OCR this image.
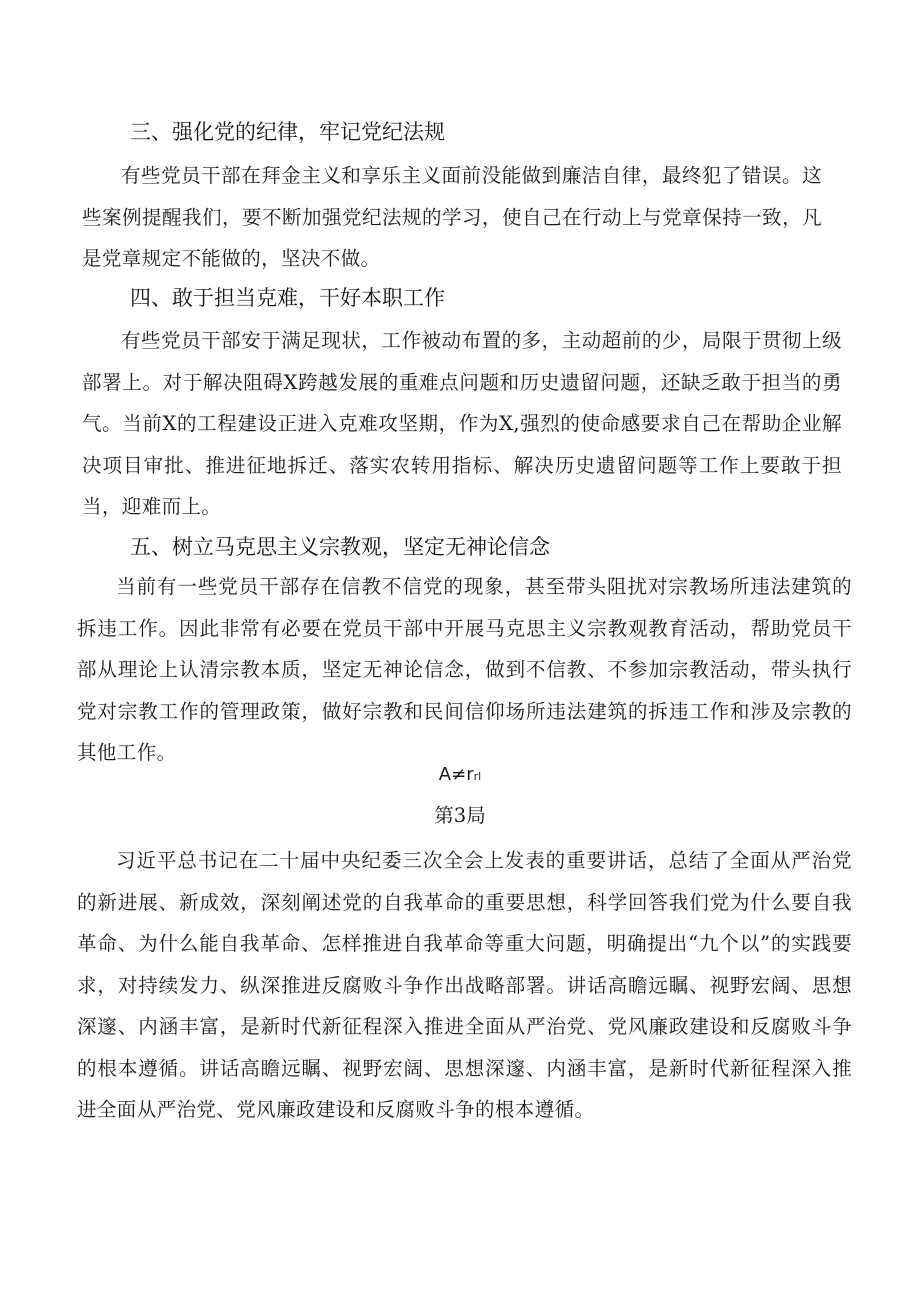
三、强化党的纪律，牢记党纪法规
有些党员干部在拜金主义和享乐主义面前没能做到廉洁自律，最终犯了错误。这些案例提醒我们，要不断加强党纪法规的学习，使自己在行动上与党章保持一致，凡是党章规定不能做的，坚决不做。
四、敢于担当克难，干好本职工作
有些党员干部安于满足现状，工作被动布置的多，主动超前的少，局限于贯彻上级部署上。对于解决阻碍X跨越发展的重难点问题和历史遗留问题，还缺乏敢于担当的勇气。当前X的工程建设正进入克难攻坚期，作为X,强烈的使命感要求自己在帮助企业解决项目审批、推进征地拆迁、落实农转用指标、解决历史遗留问题等工作上要敢于担当，迎难而上。
五、树立马克思主义宗教观，坚定无神论信念
当前有一些党员干部存在信教不信党的现象，甚至带头阻扰对宗教场所违法建筑的拆违工作。因此非常有必要在党员干部中开展马克思主义宗教观教育活动，帮助党员干部从理论上认清宗教本质，坚定无神论信念，做到不信教、不参加宗教活动，带头执行党对宗教工作的管理政策，做好宗教和民间信仰场所违法建筑的拆违工作和涉及宗教的其他工作。
A≠rrl
第3局
习近平总书记在二十届中央纪委三次全会上发表的重要讲话，总结了全面从严治党的新进展、新成效，深刻阐述党的自我革命的重要思想，科学回答我们党为什么要自我革命、为什么能自我革命、怎样推进自我革命等重大问题，明确提出“九个以”的实践要求，对持续发力、纵深推进反腐败斗争作出战略部署。讲话高瞻远瞩、视野宏阔、思想深邃、内涵丰富，是新时代新征程深入推进全面从严治党、党风廉政建设和反腐败斗争的根本遵循。讲话高瞻远瞩、视野宏阔、思想深邃、内涵丰富，是新时代新征程深入推进全面从严治党、党风廉政建设和反腐败斗争的根本遵循。
